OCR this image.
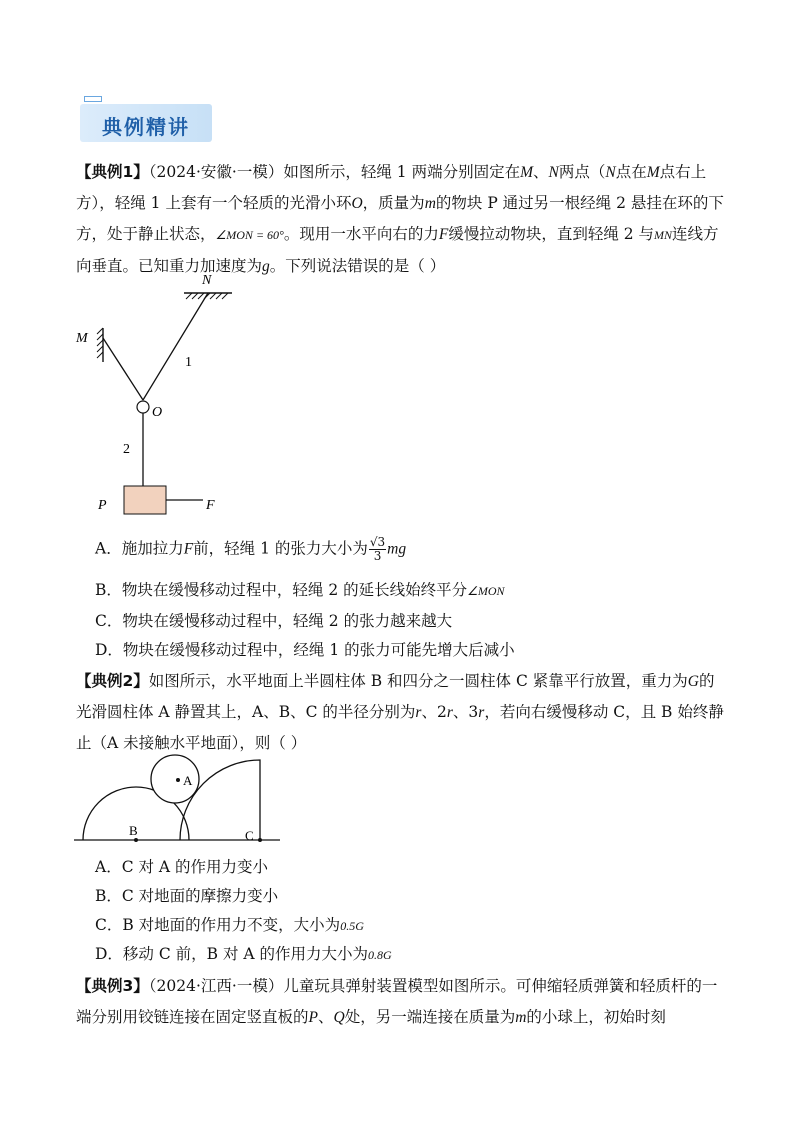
典例精讲

【典例1】（2024·安徽·一模）如图所示，轻绳 1 两端分别固定在M、N两点（N点在M点右上方），轻绳 1 上套有一个轻质的光滑小环O，质量为m的物块 P 通过另一根经绳 2 悬挂在环的下方，处于静止状态，∠MON = 60°。现用一水平向右的力F缓慢拉动物块，直到轻绳 2 与MN连线方向垂直。已知重力加速度为g。下列说法错误的是（ ）

N
M
1
O
2
P	F
A．施加拉力F前，轻绳 1 的张力大小为 $\frac{√3}{3}$ mg
B．物块在缓慢移动过程中，轻绳 2 的延长线始终平分∠MON
C．物块在缓慢移动过程中，轻绳 2 的张力越来越大
D．物块在缓慢移动过程中，经绳 1 的张力可能先增大后减小

【典例2】如图所示，水平地面上半圆柱体 B 和四分之一圆柱体 C 紧靠平行放置，重力为G的光滑圆柱体 A 静置其上，A、B、C 的半径分别为r、2r、3r，若向右缓慢移动 C，且 B 始终静止（A 未接触水平地面），则（ ）

A
B	C
A．C 对 A 的作用力变小
B．C 对地面的摩擦力变小
C．B 对地面的作用力不变，大小为0.5G
D．移动 C 前，B 对 A 的作用力大小为0.8G

【典例3】（2024·江西·一模）儿童玩具弹射装置模型如图所示。可伸缩轻质弹簧和轻质杆的一端分别用铰链连接在固定竖直板的P、Q处，另一端连接在质量为m的小球上，初始时刻
